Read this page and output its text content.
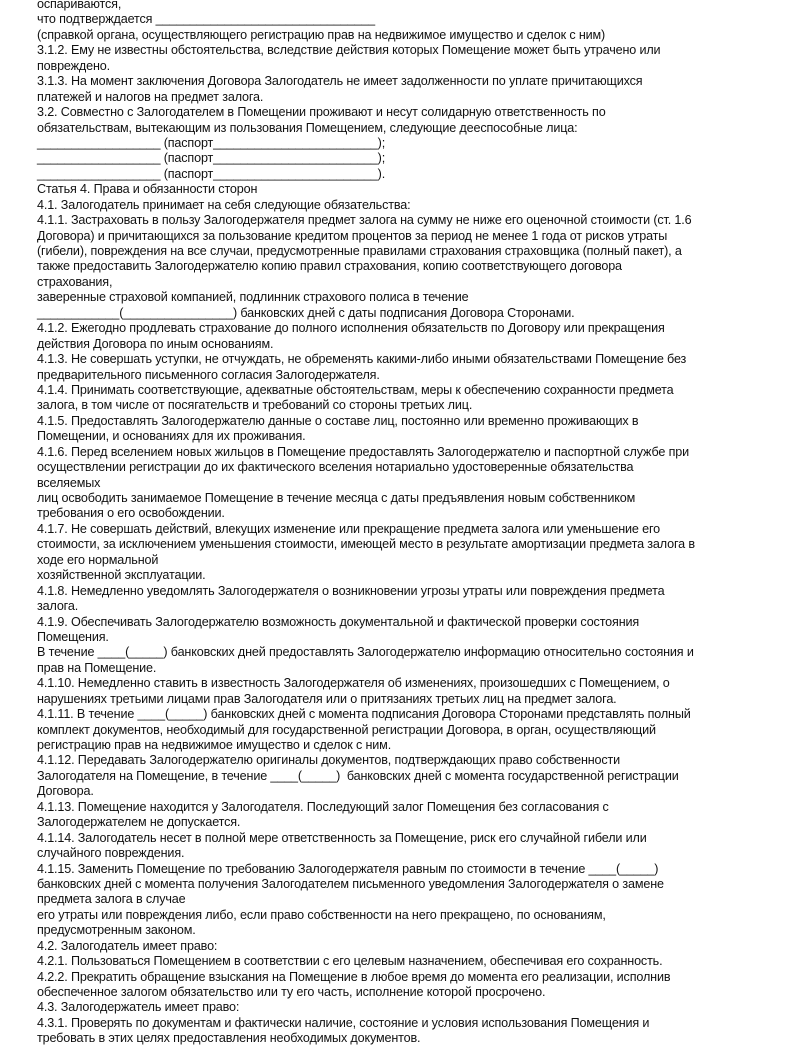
оспариваются,
что подтверждается ________________________________
(справкой органа, осуществляющего регистрацию прав на недвижимое имущество и сделок с ним)
3.1.2. Ему не известны обстоятельства, вследствие действия которых Помещение может быть утрачено или
повреждено.
3.1.3. На момент заключения Договора Залогодатель не имеет задолженности по уплате причитающихся
платежей и налогов на предмет залога.
3.2. Совместно с Залогодателем в Помещении проживают и несут солидарную ответственность по
обязательствам, вытекающим из пользования Помещением, следующие дееспособные лица:
__________________ (паспорт________________________);
__________________ (паспорт________________________);
__________________ (паспорт________________________).
Статья 4. Права и обязанности сторон
4.1. Залогодатель принимает на себя следующие обязательства:
4.1.1. Застраховать в пользу Залогодержателя предмет залога на сумму не ниже его оценочной стоимости (ст. 1.6
Договора) и причитающихся за пользование кредитом процентов за период не менее 1 года от рисков утраты
(гибели), повреждения на все случаи, предусмотренные правилами страхования страховщика (полный пакет), а
также предоставить Залогодержателю копию правил страхования, копию соответствующего договора
страхования,
заверенные страховой компанией, подлинник страхового полиса в течение
____________(________________) банковских дней с даты подписания Договора Сторонами.
4.1.2. Ежегодно продлевать страхование до полного исполнения обязательств по Договору или прекращения
действия Договора по иным основаниям.
4.1.3. Не совершать уступки, не отчуждать, не обременять какими-либо иными обязательствами Помещение без
предварительного письменного согласия Залогодержателя.
4.1.4. Принимать соответствующие, адекватные обстоятельствам, меры к обеспечению сохранности предмета
залога, в том числе от посягательств и требований со стороны третьих лиц.
4.1.5. Предоставлять Залогодержателю данные о составе лиц, постоянно или временно проживающих в
Помещении, и основаниях для их проживания.
4.1.6. Перед вселением новых жильцов в Помещение предоставлять Залогодержателю и паспортной службе при
осуществлении регистрации до их фактического вселения нотариально удостоверенные обязательства
вселяемых
лиц освободить занимаемое Помещение в течение месяца с даты предъявления новым собственником
требования о его освобождении.
4.1.7. Не совершать действий, влекущих изменение или прекращение предмета залога или уменьшение его
стоимости, за исключением уменьшения стоимости, имеющей место в результате амортизации предмета залога в
ходе его нормальной
хозяйственной эксплуатации.
4.1.8. Немедленно уведомлять Залогодержателя о возникновении угрозы утраты или повреждения предмета
залога.
4.1.9. Обеспечивать Залогодержателю возможность документальной и фактической проверки состояния
Помещения.
В течение ____(_____) банковских дней предоставлять Залогодержателю информацию относительно состояния и
прав на Помещение.
4.1.10. Немедленно ставить в известность Залогодержателя об изменениях, произошедших с Помещением, о
нарушениях третьими лицами прав Залогодателя или о притязаниях третьих лиц на предмет залога.
4.1.11. В течение ____(_____) банковских дней с момента подписания Договора Сторонами представлять полный
комплект документов, необходимый для государственной регистрации Договора, в орган, осуществляющий
регистрацию прав на недвижимое имущество и сделок с ним.
4.1.12. Передавать Залогодержателю оригиналы документов, подтверждающих право собственности
Залогодателя на Помещение, в течение ____(_____)  банковских дней с момента государственной регистрации
Договора.
4.1.13. Помещение находится у Залогодателя. Последующий залог Помещения без согласования с
Залогодержателем не допускается.
4.1.14. Залогодатель несет в полной мере ответственность за Помещение, риск его случайной гибели или
случайного повреждения.
4.1.15. Заменить Помещение по требованию Залогодержателя равным по стоимости в течение ____(_____)
банковских дней с момента получения Залогодателем письменного уведомления Залогодержателя о замене
предмета залога в случае
его утраты или повреждения либо, если право собственности на него прекращено, по основаниям,
предусмотренным законом.
4.2. Залогодатель имеет право:
4.2.1. Пользоваться Помещением в соответствии с его целевым назначением, обеспечивая его сохранность.
4.2.2. Прекратить обращение взыскания на Помещение в любое время до момента его реализации, исполнив
обеспеченное залогом обязательство или ту его часть, исполнение которой просрочено.
4.3. Залогодержатель имеет право:
4.3.1. Проверять по документам и фактически наличие, состояние и условия использования Помещения и
требовать в этих целях предоставления необходимых документов.
